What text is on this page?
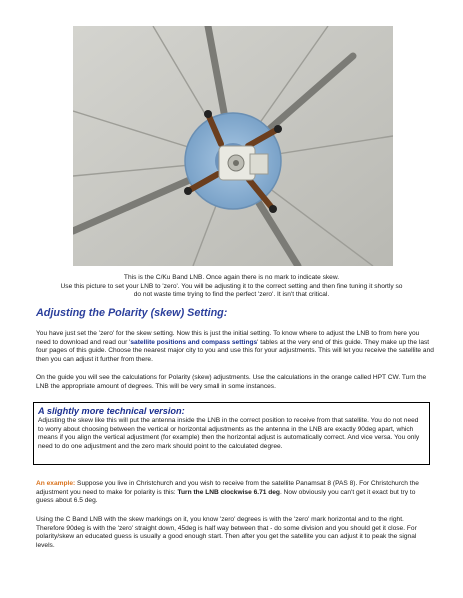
This is the C/Ku Band LNB. Once again there is no mark to indicate skew.
Use this picture to set your LNB to 'zero'. You will be adjusting it to the correct setting and then fine tuning it shortly so
do not waste time trying to find the perfect 'zero'. It isn't that critical.
Adjusting the Polarity (skew) Setting:

You have just set the 'zero' for the skew setting. Now this is just the initial setting. To know where to adjust the LNB to from here you need to download and read our 'satellite positions and compass settings' tables at the very end of this guide. They make up the last four pages of this guide. Choose the nearest major city to you and use this for your adjustments. This will let you receive the satellite and then you can adjust it further from there.

On the guide you will see the calculations for Polarity (skew) adjustments. Use the calculations in the orange called HPT CW. Turn the LNB the appropriate amount of degrees. This will be very small in some instances.

A slightly more technical version:
Adjusting the skew like this will put the antenna inside the LNB in the correct position to receive from that satellite. You do not need to worry about choosing between the vertical or horizontal adjustments as the antenna in the LNB are exactly 90deg apart, which means if you align the vertical adjustment (for example) then the horizontal adjust is automatically correct. And vice versa. You only need to do one adjustment and the zero mark should point to the calculated degree.

An example: Suppose you live in Christchurch and you wish to receive from the satellite Panamsat 8 (PAS 8). For Christchurch the adjustment you need to make for polarity is this: Turn the LNB clockwise 6.71 deg. Now obviously you can't get it exact but try to guess about 6.5 deg.

Using the C Band LNB with the skew markings on it, you know 'zero' degrees is with the 'zero' mark horizontal and to the right. Therefore 90deg is with the 'zero' straight down, 45deg is half way between that - do some division and you should get it close. For polarity/skew an educated guess is usually a good enough start. Then after you get the satellite you can adjust it to peak the signal levels.
